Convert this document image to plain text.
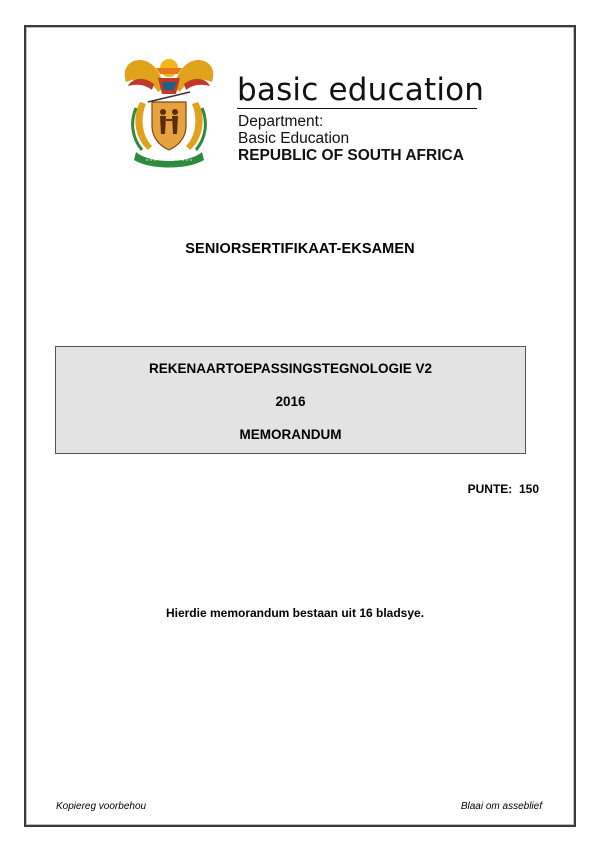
basic education
Department:
Basic Education
REPUBLIC OF SOUTH AFRICA
SENIORSERTIFIKAAT-EKSAMEN
REKENAARTOEPASSINGSTEGNOLOGIE V2
2016
MEMORANDUM
PUNTE:  150
Hierdie memorandum bestaan uit 16 bladsye.
Kopiereg voorbehou	Blaai om asseblief
